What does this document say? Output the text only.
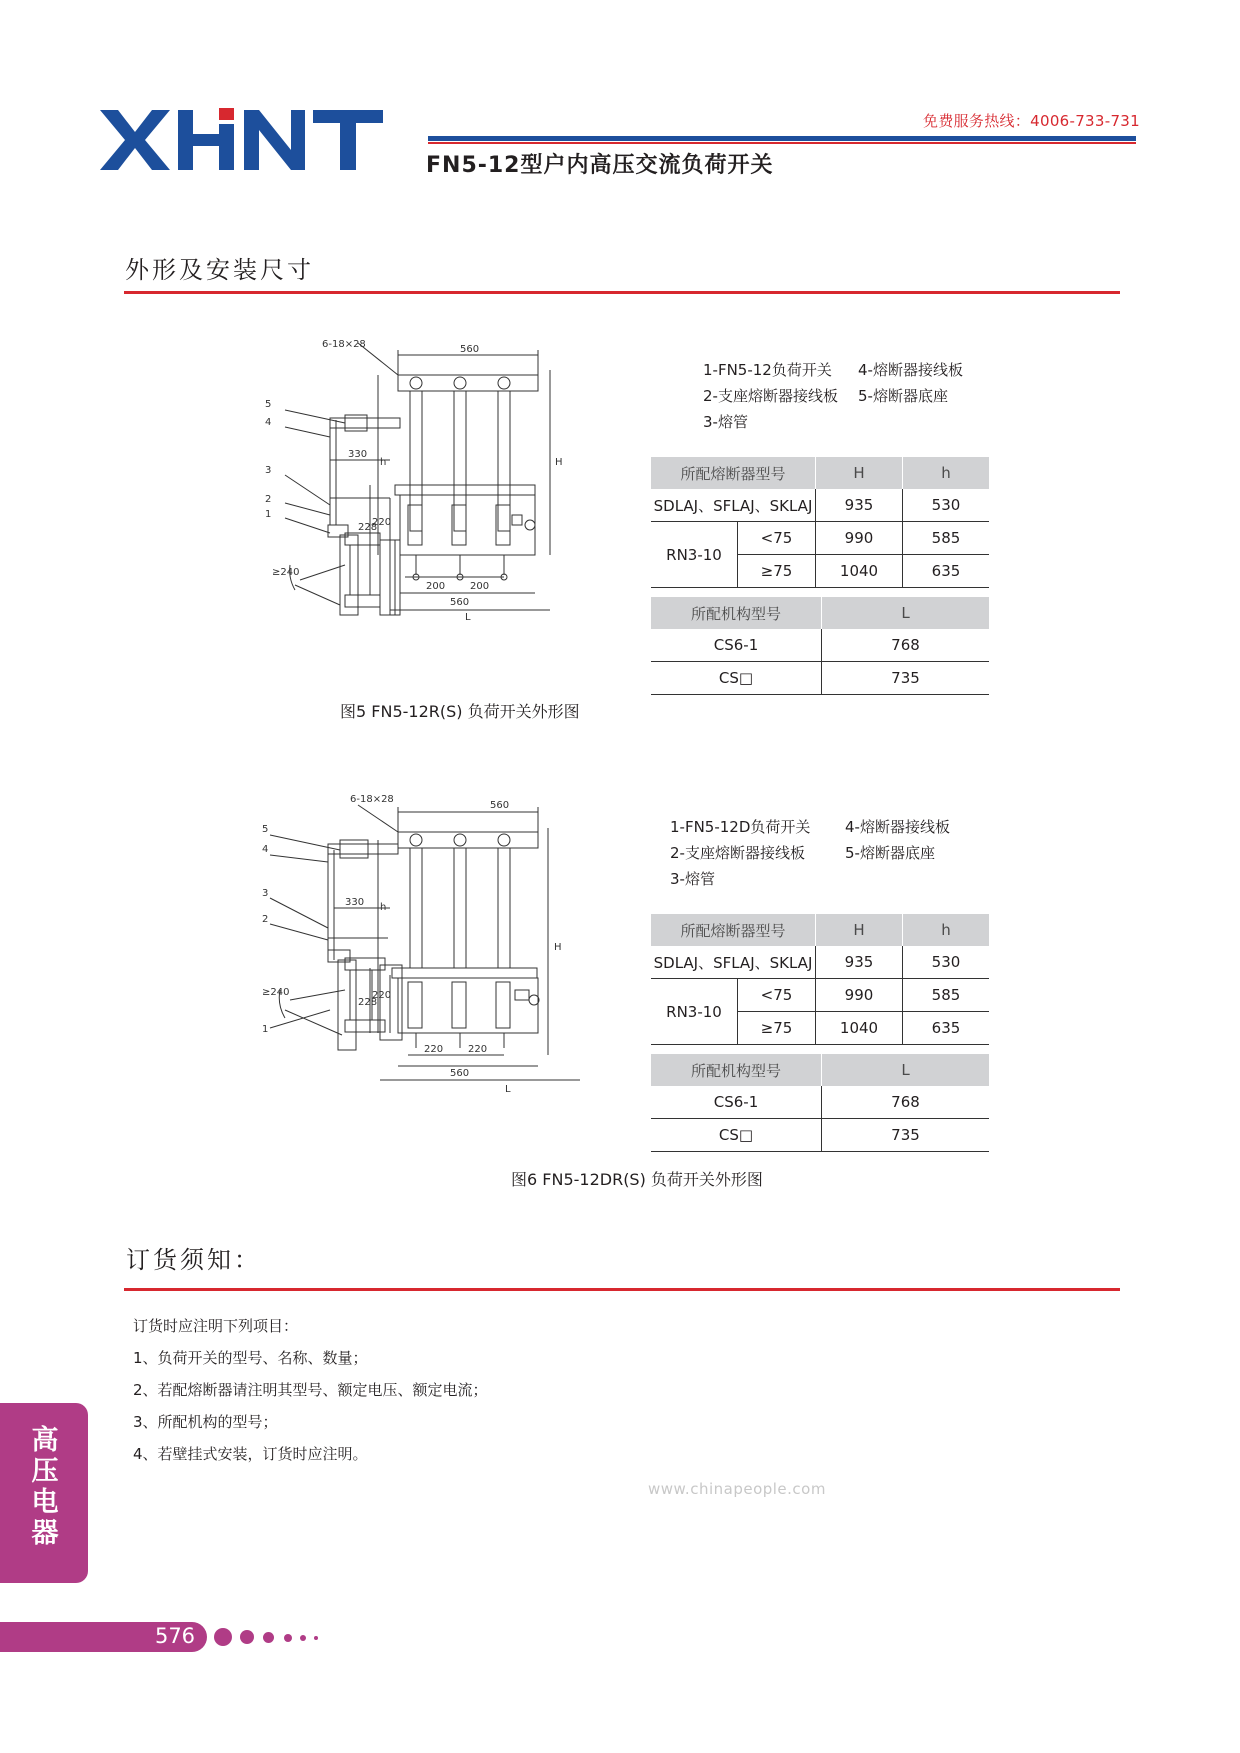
免费服务热线：4006-733-731
FN5-12型户内高压交流负荷开关
外形及安装尺寸
6-18×28	560
330
≥240
220
228
200 200
560
L
H
h
5
4
3
2
1
1-FN5-12负荷开关 4-熔断器接线板
2-支座熔断器接线板 5-熔断器底座
3-熔管
所配熔断器型号		H	h
SDLAJ、SFLAJ、SKLAJ		935	530
RN3-10	<75	990	585
	≥75	1040	635
所配机构型号	L
CS6-1	768
CS□	735
图5 FN5-12R(S) 负荷开关外形图
6-18×28
560
330
≥240	220
228
220 220
560
L
H
h
5
4
3
2
1
1-FN5-12D负荷开关 4-熔断器接线板
2-支座熔断器接线板	5-熔断器底座
3-熔管
所配熔断器型号		H	h
SDLAJ、SFLAJ、SKLAJ		935	530
RN3-10	<75	990	585
	≥75	1040	635
所配机构型号	L
CS6-1	768
CS□	735
图6 FN5-12DR(S) 负荷开关外形图
订货须知：
订货时应注明下列项目：
1、负荷开关的型号、名称、数量；
2、若配熔断器请注明其型号、额定电压、额定电流；
3、所配机构的型号；
4、若壁挂式安装，订货时应注明。
www.chinapeople.com
高
压
电
器
576
